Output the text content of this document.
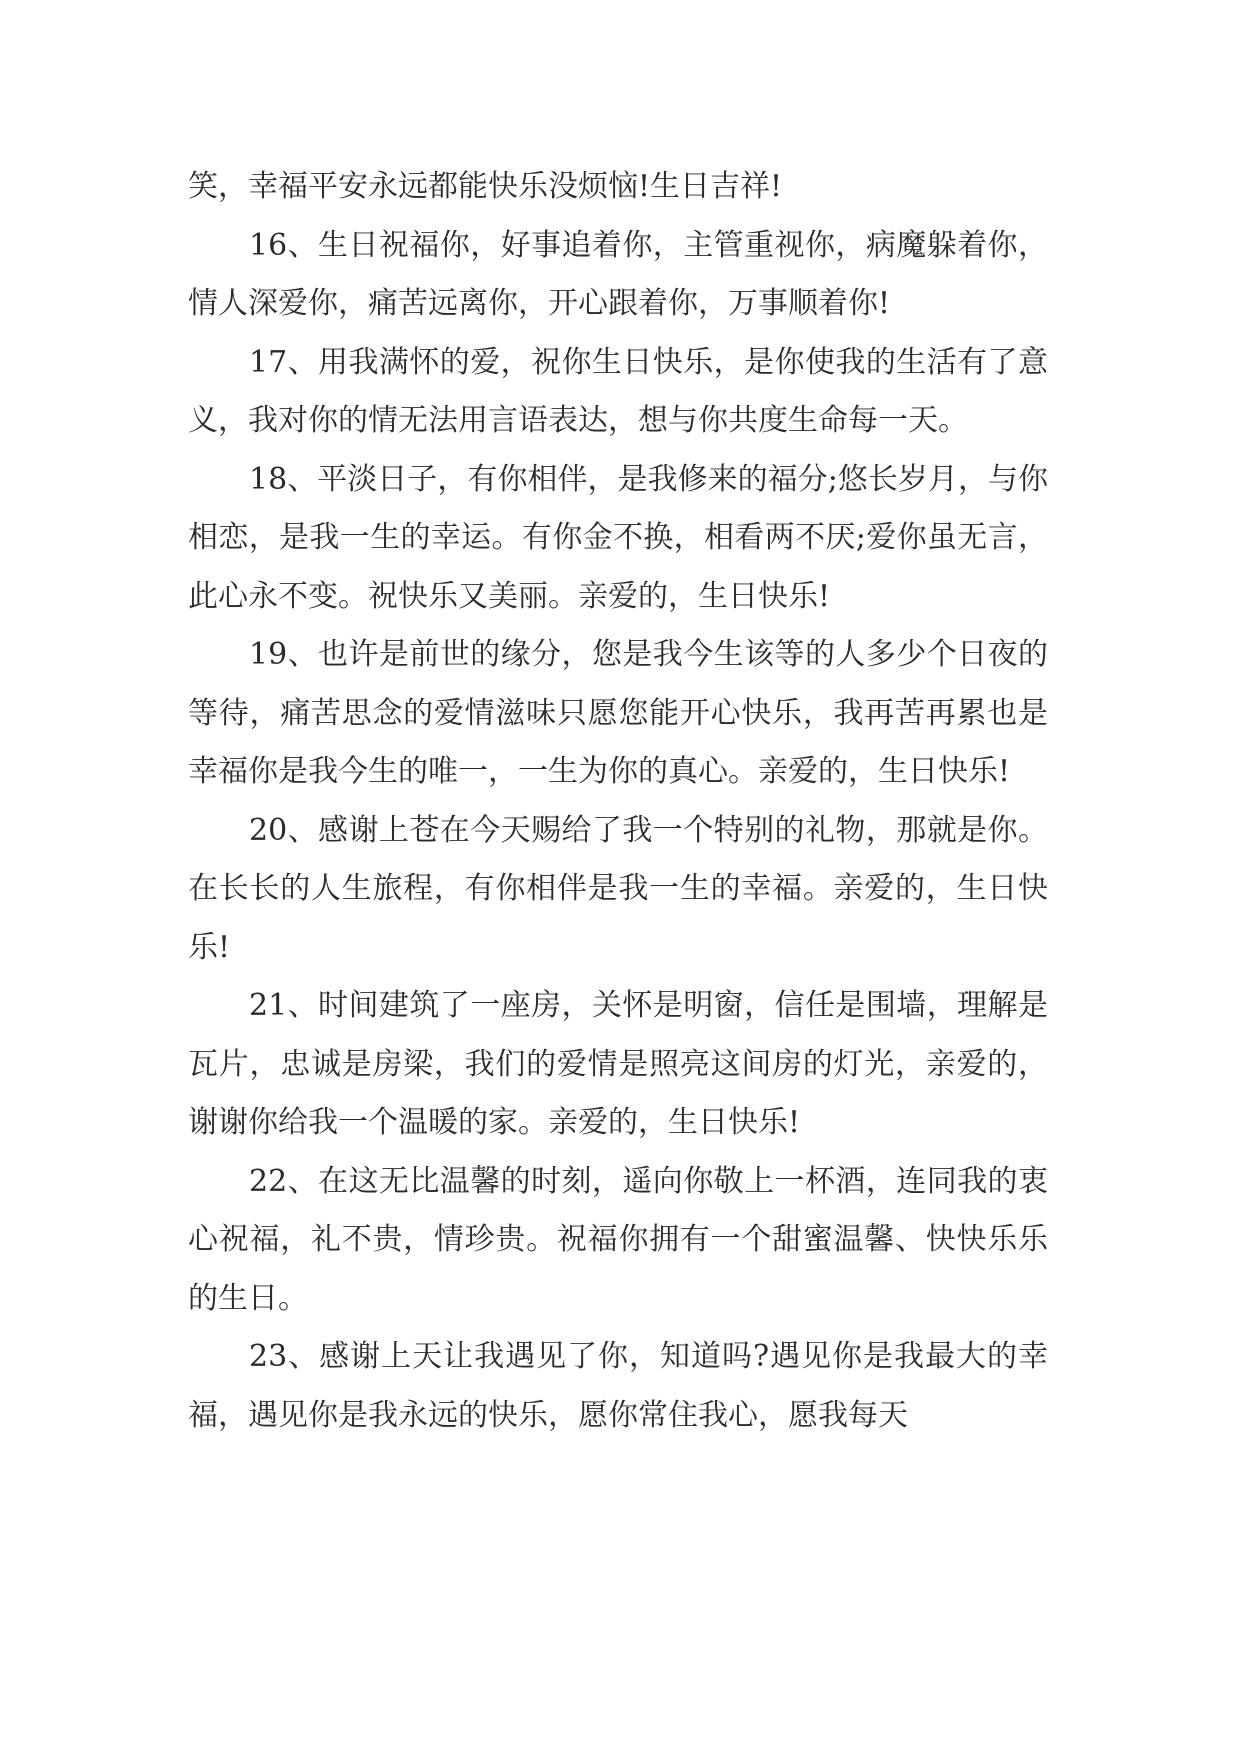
笑，幸福平安永远都能快乐没烦恼!生日吉祥!

16、生日祝福你，好事追着你，主管重视你，病魔躲着你，情人深爱你，痛苦远离你，开心跟着你，万事顺着你!

17、用我满怀的爱，祝你生日快乐，是你使我的生活有了意义，我对你的情无法用言语表达，想与你共度生命每一天。

18、平淡日子，有你相伴，是我修来的福分;悠长岁月，与你相恋，是我一生的幸运。有你金不换，相看两不厌;爱你虽无言，此心永不变。祝快乐又美丽。亲爱的，生日快乐!

19、也许是前世的缘分，您是我今生该等的人多少个日夜的等待，痛苦思念的爱情滋味只愿您能开心快乐，我再苦再累也是幸福你是我今生的唯一，一生为你的真心。亲爱的，生日快乐!

20、感谢上苍在今天赐给了我一个特别的礼物，那就是你。在长长的人生旅程，有你相伴是我一生的幸福。亲爱的，生日快乐!

21、时间建筑了一座房，关怀是明窗，信任是围墙，理解是瓦片，忠诚是房梁，我们的爱情是照亮这间房的灯光，亲爱的，谢谢你给我一个温暖的家。亲爱的，生日快乐!

22、在这无比温馨的时刻，遥向你敬上一杯酒，连同我的衷心祝福，礼不贵，情珍贵。祝福你拥有一个甜蜜温馨、快快乐乐的生日。

23、感谢上天让我遇见了你，知道吗?遇见你是我最大的幸福，遇见你是我永远的快乐，愿你常住我心，愿我每天
